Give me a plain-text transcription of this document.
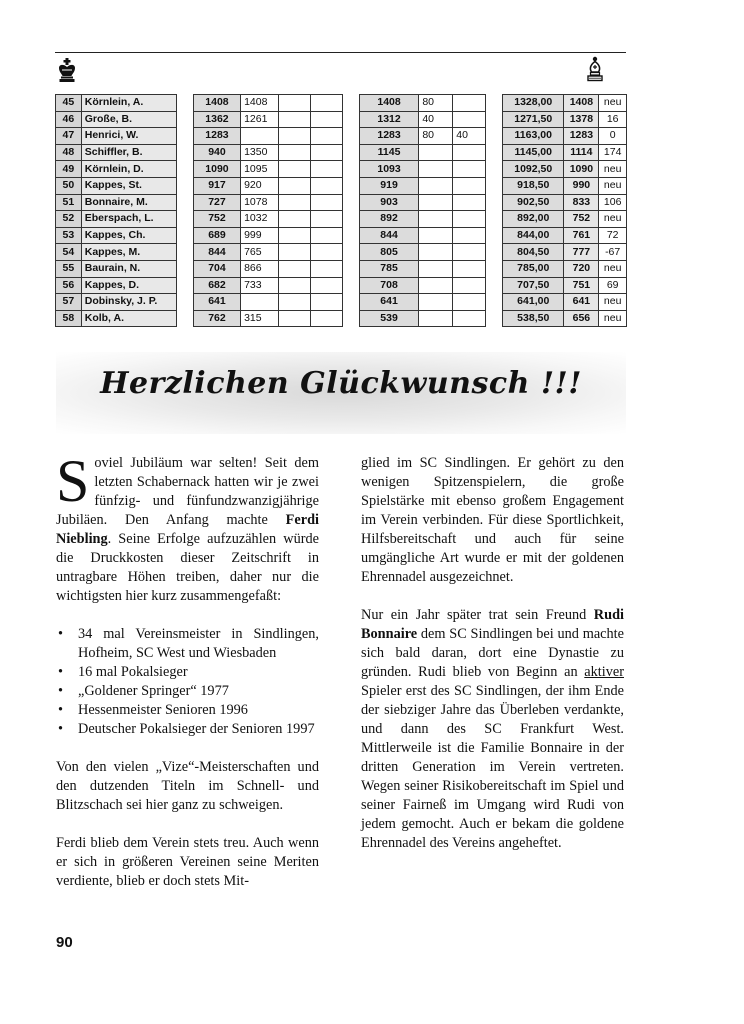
45	Körnlein, A.		1408	1408				1408	80			1328,00	1408	neu
46	Große, B.		1362	1261				1312	40			1271,50	1378	16
47	Henrici, W.		1283					1283	80	40		1163,00	1283	0
48	Schiffler, B.		940	1350				1145				1145,00	1114	174
49	Körnlein, D.		1090	1095				1093				1092,50	1090	neu
50	Kappes, St.		917	920				919				918,50	990	neu
51	Bonnaire, M.		727	1078				903				902,50	833	106
52	Eberspach, L.		752	1032				892				892,00	752	neu
53	Kappes, Ch.		689	999				844				844,00	761	72
54	Kappes, M.		844	765				805				804,50	777	-67
55	Baurain, N.		704	866				785				785,00	720	neu
56	Kappes, D.		682	733				708				707,50	751	69
57	Dobinsky, J. P.		641					641				641,00	641	neu
58	Kolb, A.		762	315				539				538,50	656	neu
Herzlichen Glückwunsch !!!

Soviel Jubiläum war selten! Seit dem letzten Schabernack hatten wir je zwei fünfzig- und fünfundzwanzigjährige Jubiläen. Den Anfang machte Ferdi Niebling. Seine Erfolge aufzuzählen würde die Druckkosten dieser Zeitschrift in untragbare Höhen treiben, daher nur die wichtigsten hier kurz zusammengefaßt:

• 34 mal Vereinsmeister in Sindlingen, Hofheim, SC West und Wiesbaden
• 16 mal Pokalsieger
• „Goldener Springer“ 1977
• Hessenmeister Senioren 1996
• Deutscher Pokalsieger der Senioren 1997

Von den vielen „Vize“-Meisterschaften und den dutzenden Titeln im Schnell- und Blitzschach sei hier ganz zu schweigen.

Ferdi blieb dem Verein stets treu. Auch wenn er sich in größeren Vereinen seine Meriten verdiente, blieb er doch stets Mit-

glied im SC Sindlingen. Er gehört zu den wenigen Spitzenspielern, die große Spielstärke mit ebenso großem Engagement im Verein verbinden. Für diese Sportlichkeit, Hilfsbereitschaft und auch für seine umgängliche Art wurde er mit der goldenen Ehrennadel ausgezeichnet.

Nur ein Jahr später trat sein Freund Rudi Bonnaire dem SC Sindlingen bei und machte sich bald daran, dort eine Dynastie zu gründen. Rudi blieb von Beginn an aktiver Spieler erst des SC Sindlingen, der ihm Ende der siebziger Jahre das Überleben verdankte, und dann des SC Frankfurt West. Mittlerweile ist die Familie Bonnaire in der dritten Generation im Verein vertreten. Wegen seiner Risikobereitschaft im Spiel und seiner Fairneß im Umgang wird Rudi von jedem gemocht. Auch er bekam die goldene Ehrennadel des Vereins angeheftet.

90
